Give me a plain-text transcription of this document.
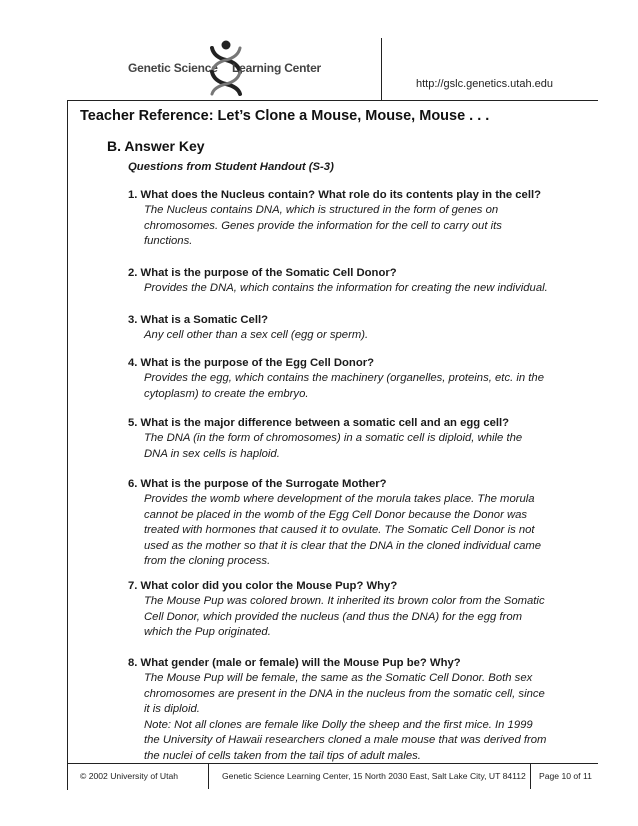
Genetic Science Learning Center
http://gslc.genetics.utah.edu
Teacher Reference: Let’s Clone a Mouse, Mouse, Mouse . . .
B. Answer Key
Questions from Student Handout (S-3)
1. What does the Nucleus contain? What role do its contents play in the cell?
The Nucleus contains DNA, which is structured in the form of genes on
chromosomes. Genes provide the information for the cell to carry out its
functions.
2. What is the purpose of the Somatic Cell Donor?
Provides the DNA, which contains the information for creating the new individual.
3. What is a Somatic Cell?
Any cell other than a sex cell (egg or sperm).
4. What is the purpose of the Egg Cell Donor?
Provides the egg, which contains the machinery (organelles, proteins, etc. in the
cytoplasm) to create the embryo.
5. What is the major difference between a somatic cell and an egg cell?
The DNA (in the form of chromosomes) in a somatic cell is diploid, while the
DNA in sex cells is haploid.
6. What is the purpose of the Surrogate Mother?
Provides the womb where development of the morula takes place. The morula
cannot be placed in the womb of the Egg Cell Donor because the Donor was
treated with hormones that caused it to ovulate. The Somatic Cell Donor is not
used as the mother so that it is clear that the DNA in the cloned individual came
from the cloning process.
7. What color did you color the Mouse Pup? Why?
The Mouse Pup was colored brown. It inherited its brown color from the Somatic
Cell Donor, which provided the nucleus (and thus the DNA) for the egg from
which the Pup originated.
8. What gender (male or female) will the Mouse Pup be? Why?
The Mouse Pup will be female, the same as the Somatic Cell Donor. Both sex
chromosomes are present in the DNA in the nucleus from the somatic cell, since
it is diploid.
Note: Not all clones are female like Dolly the sheep and the first mice. In 1999
the University of Hawaii researchers cloned a male mouse that was derived from
the nuclei of cells taken from the tail tips of adult males.
© 2002 University of Utah	Genetic Science Learning Center, 15 North 2030 East, Salt Lake City, UT 84112 Page 10 of 11
